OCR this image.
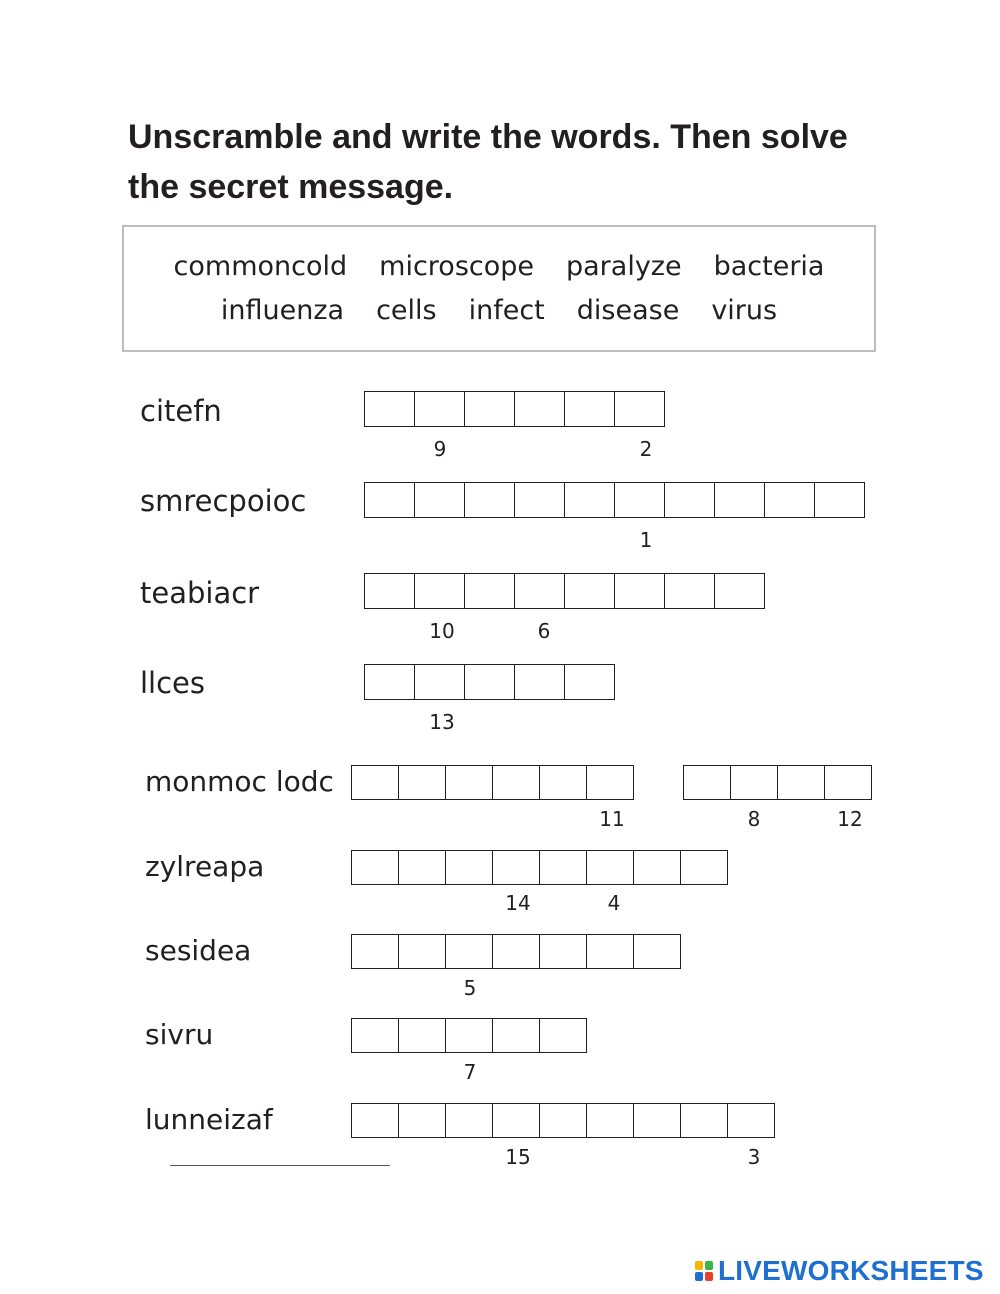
Unscramble and write the words. Then solve
the secret message.
commoncold microscope paralyze bacteria
influenza cells infect disease virus
citefn
9	2
smrecpoioc
1
teabiacr
10	6
llces
13
monmoc lodc
11	8	12
zylreapa
14	4
sesidea
5
sivru
7
lunneizaf
15	3
LIVEWORKSHEETS
